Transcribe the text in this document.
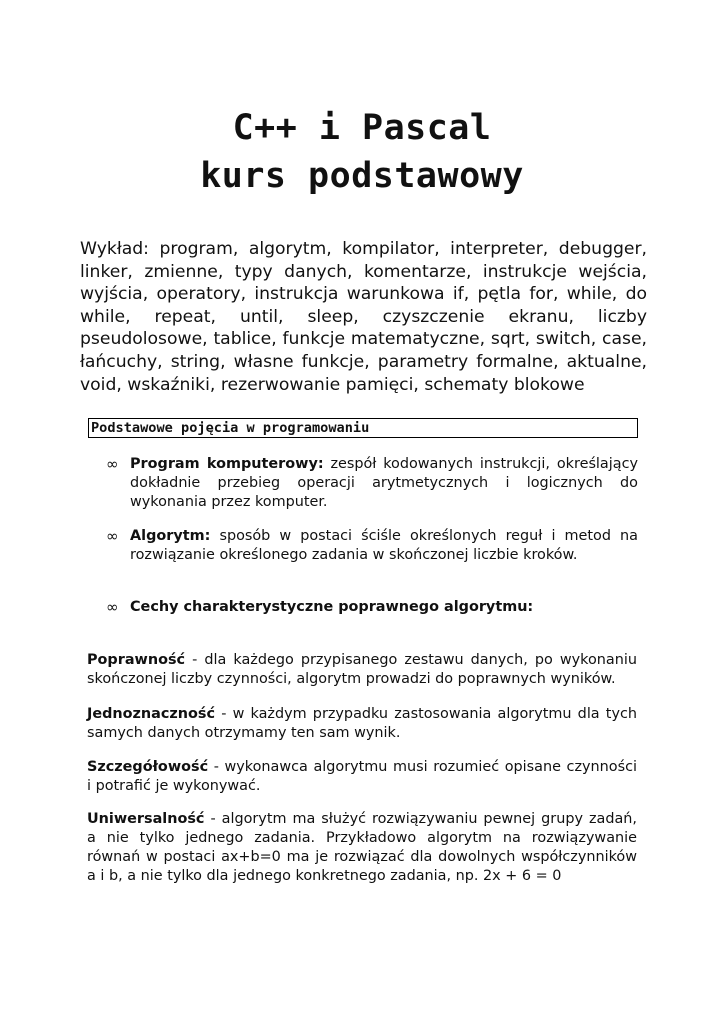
C++ i Pascal
kurs podstawowy
Wykład: program, algorytm, kompilator, interpreter, debugger, linker, zmienne, typy danych, komentarze, instrukcje wejścia, wyjścia, operatory, instrukcja warunkowa if, pętla for, while, do while, repeat, until, sleep, czyszczenie ekranu, liczby pseudolosowe, tablice, funkcje matematyczne, sqrt, switch, case, łańcuchy, string, własne funkcje, parametry formalne, aktualne, void, wskaźniki, rezerwowanie pamięci, schematy blokowe
Podstawowe pojęcia w programowaniu
∞ Program komputerowy: zespół kodowanych instrukcji, określający dokładnie przebieg operacji arytmetycznych i logicznych do wykonania przez komputer.
∞ Algorytm: sposób w postaci ściśle określonych reguł i metod na rozwiązanie określonego zadania w skończonej liczbie kroków.
∞ Cechy charakterystyczne poprawnego algorytmu:
Poprawność - dla każdego przypisanego zestawu danych, po wykonaniu skończonej liczby czynności, algorytm prowadzi do poprawnych wyników.
Jednoznaczność - w każdym przypadku zastosowania algorytmu dla tych samych danych otrzymamy ten sam wynik.
Szczegółowość - wykonawca algorytmu musi rozumieć opisane czynności i potrafić je wykonywać.
Uniwersalność - algorytm ma służyć rozwiązywaniu pewnej grupy zadań, a nie tylko jednego zadania. Przykładowo algorytm na rozwiązywanie równań w postaci ax+b=0 ma je rozwiązać dla dowolnych współczynników a i b, a nie tylko dla jednego konkretnego zadania, np. 2x + 6 = 0
